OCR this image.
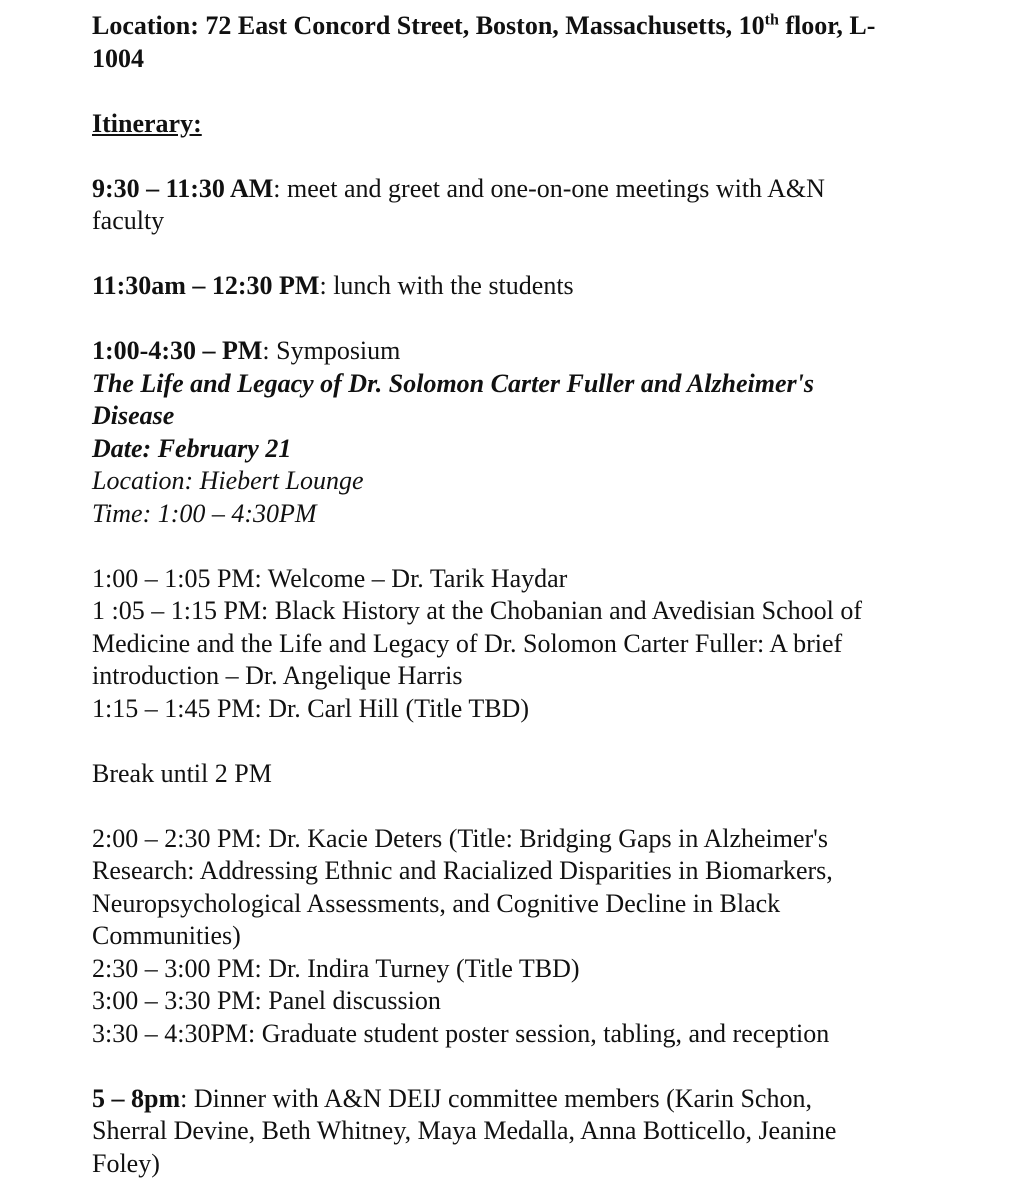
Location: 72 East Concord Street, Boston, Massachusetts, 10th floor, L-
1004
Itinerary:
9:30 – 11:30 AM: meet and greet and one-on-one meetings with A&N
faculty
11:30am – 12:30 PM: lunch with the students
1:00-4:30 – PM: Symposium
The Life and Legacy of Dr. Solomon Carter Fuller and Alzheimer's
Disease
Date: February 21
Location: Hiebert Lounge
Time: 1:00 – 4:30PM
1:00 – 1:05 PM: Welcome – Dr. Tarik Haydar
1 :05 – 1:15 PM: Black History at the Chobanian and Avedisian School of
Medicine and the Life and Legacy of Dr. Solomon Carter Fuller: A brief
introduction – Dr. Angelique Harris
1:15 – 1:45 PM: Dr. Carl Hill (Title TBD)
Break until 2 PM
2:00 – 2:30 PM: Dr. Kacie Deters (Title: Bridging Gaps in Alzheimer's
Research: Addressing Ethnic and Racialized Disparities in Biomarkers,
Neuropsychological Assessments, and Cognitive Decline in Black
Communities)
2:30 – 3:00 PM: Dr. Indira Turney (Title TBD)
3:00 – 3:30 PM: Panel discussion
3:30 – 4:30PM: Graduate student poster session, tabling, and reception
5 – 8pm: Dinner with A&N DEIJ committee members (Karin Schon,
Sherral Devine, Beth Whitney, Maya Medalla, Anna Botticello, Jeanine
Foley)
